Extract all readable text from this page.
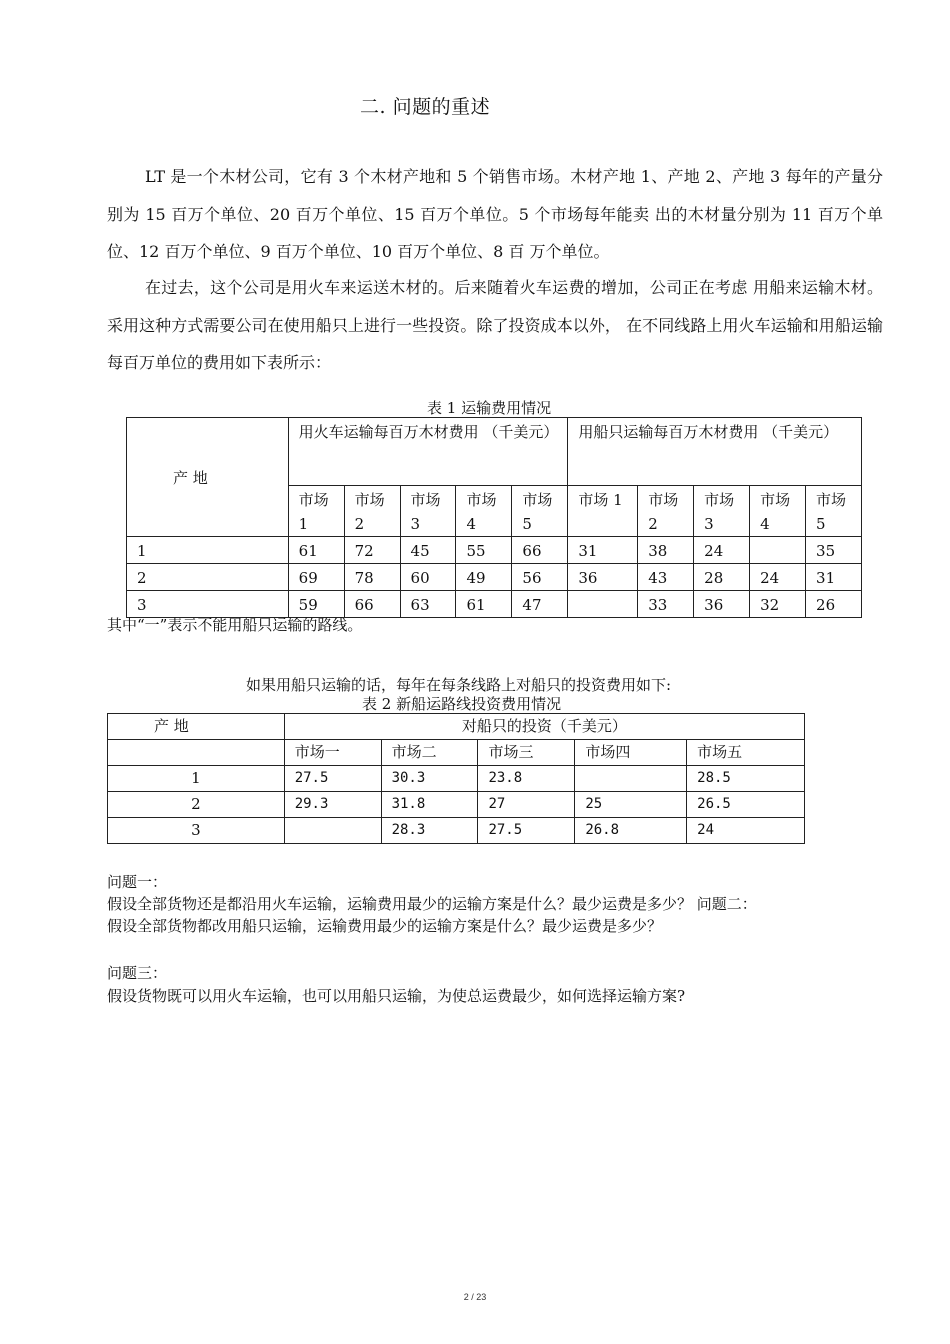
二. 问题的重述
LT 是一个木材公司，它有 3 个木材产地和 5 个销售市场。木材产地 1、产地 2、产地 3 每年的产量分别为 15 百万个单位、20 百万个单位、15 百万个单位。5 个市场每年能卖 出的木材量分别为 11 百万个单位、12 百万个单位、9 百万个单位、10 百万个单位、8 百 万个单位。
在过去，这个公司是用火车来运送木材的。后来随着火车运费的增加，公司正在考虑 用船来运输木材。采用这种方式需要公司在使用船只上进行一些投资。除了投资成本以外， 在不同线路上用火车运输和用船运输每百万单位的费用如下表所示：
表 1 运输费用情况
产 地	用火车运输每百万木材费用 （千美元）					用船只运输每百万木材费用 （千美元）				
	市场 1	市场 2	市场 3	市场 4	市场 5	市场 1	市场 2	市场 3	市场 4	市场 5
1	61	72	45	55	66	31	38	24		35
2	69	78	60	49	56	36	43	28	24	31
3	59	66	63	61	47		33	36	32	26
其中“一”表示不能用船只运输的路线。
如果用船只运输的话，每年在每条线路上对船只的投资费用如下:
表 2 新船运路线投资费用情况
产 地	对船只的投资（千美元）				
	市场一	市场二	市场三	市场四	市场五
1	27.5	30.3	23.8		28.5
2	29.3	31.8	27	25	26.5
3		28.3	27.5	26.8	24
问题一：
假设全部货物还是都沿用火车运输，运输费用最少的运输方案是什么？最少运费是多少？ 问题二：
假设全部货物都改用船只运输，运输费用最少的运输方案是什么？最少运费是多少？
问题三：
假设货物既可以用火车运输，也可以用船只运输，为使总运费最少，如何选择运输方案?
2 / 23
